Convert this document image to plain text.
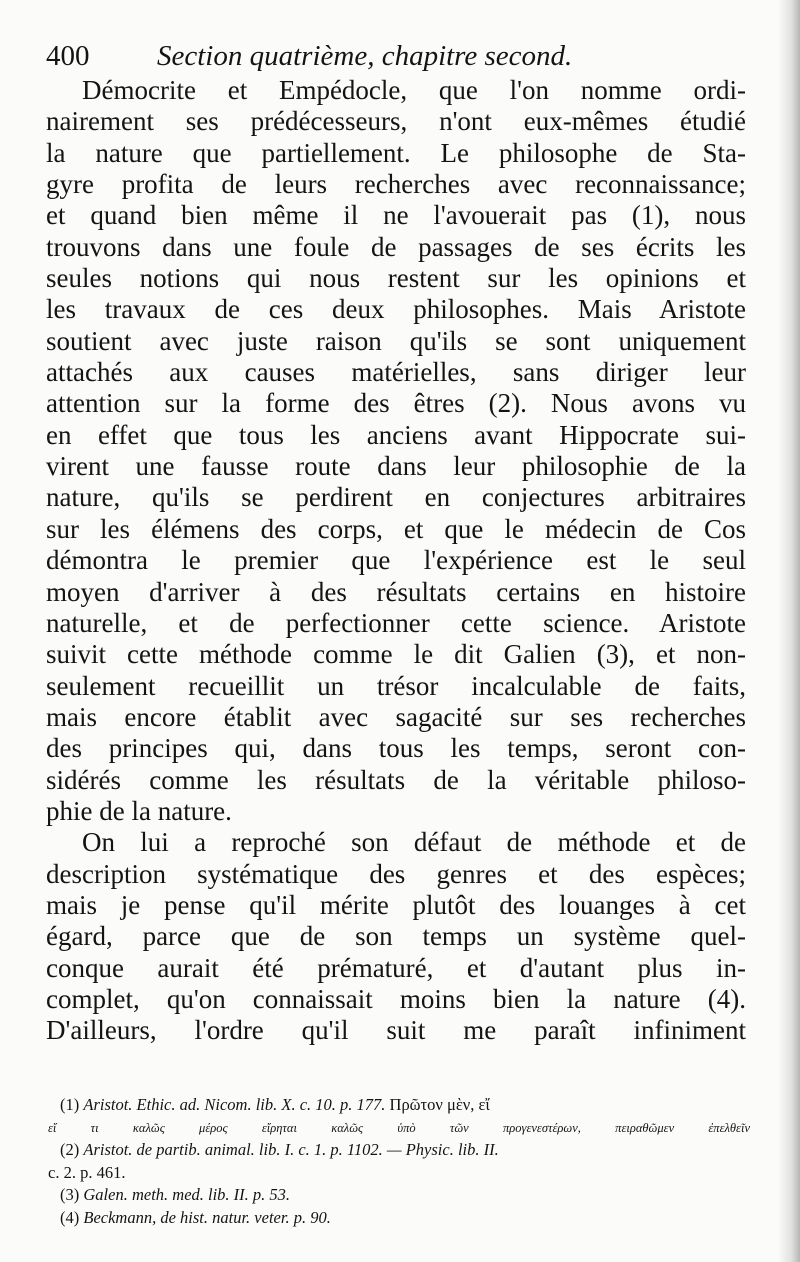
400 Section quatrième, chapitre second.
Démocrite et Empédocle, que l'on nomme ordi-
nairement ses prédécesseurs, n'ont eux-mêmes étudié
la nature que partiellement. Le philosophe de Sta-
gyre profita de leurs recherches avec reconnaissance;
et quand bien même il ne l'avouerait pas (1), nous
trouvons dans une foule de passages de ses écrits les
seules notions qui nous restent sur les opinions et
les travaux de ces deux philosophes. Mais Aristote
soutient avec juste raison qu'ils se sont uniquement
attachés aux causes matérielles, sans diriger leur
attention sur la forme des êtres (2). Nous avons vu
en effet que tous les anciens avant Hippocrate sui-
virent une fausse route dans leur philosophie de la
nature, qu'ils se perdirent en conjectures arbitraires
sur les élémens des corps, et que le médecin de Cos
démontra le premier que l'expérience est le seul
moyen d'arriver à des résultats certains en histoire
naturelle, et de perfectionner cette science. Aristote
suivit cette méthode comme le dit Galien (3), et non-
seulement recueillit un trésor incalculable de faits,
mais encore établit avec sagacité sur ses recherches
des principes qui, dans tous les temps, seront con-
sidérés comme les résultats de la véritable philoso-
phie de la nature.
On lui a reproché son défaut de méthode et de
description systématique des genres et des espèces;
mais je pense qu'il mérite plutôt des louanges à cet
égard, parce que de son temps un système quel-
conque aurait été prématuré, et d'autant plus in-
complet, qu'on connaissait moins bien la nature (4).
D'ailleurs, l'ordre qu'il suit me paraît infiniment
(1) Aristot. Ethic. ad. Nicom. lib. X. c. 10. p. 177. Πρῶτον μὲν, εἴ
εἴ τι καλῶς μέρος εἴρηται καλῶς ὑπὸ τῶν προγενεστέρων, πειραθῶμεν ἐπελθεῖν
(2) Aristot. de partib. animal. lib. I. c. 1. p. 1102. — Physic. lib. II.
c. 2. p. 461.
(3) Galen. meth. med. lib. II. p. 53.
(4) Beckmann, de hist. natur. veter. p. 90.
